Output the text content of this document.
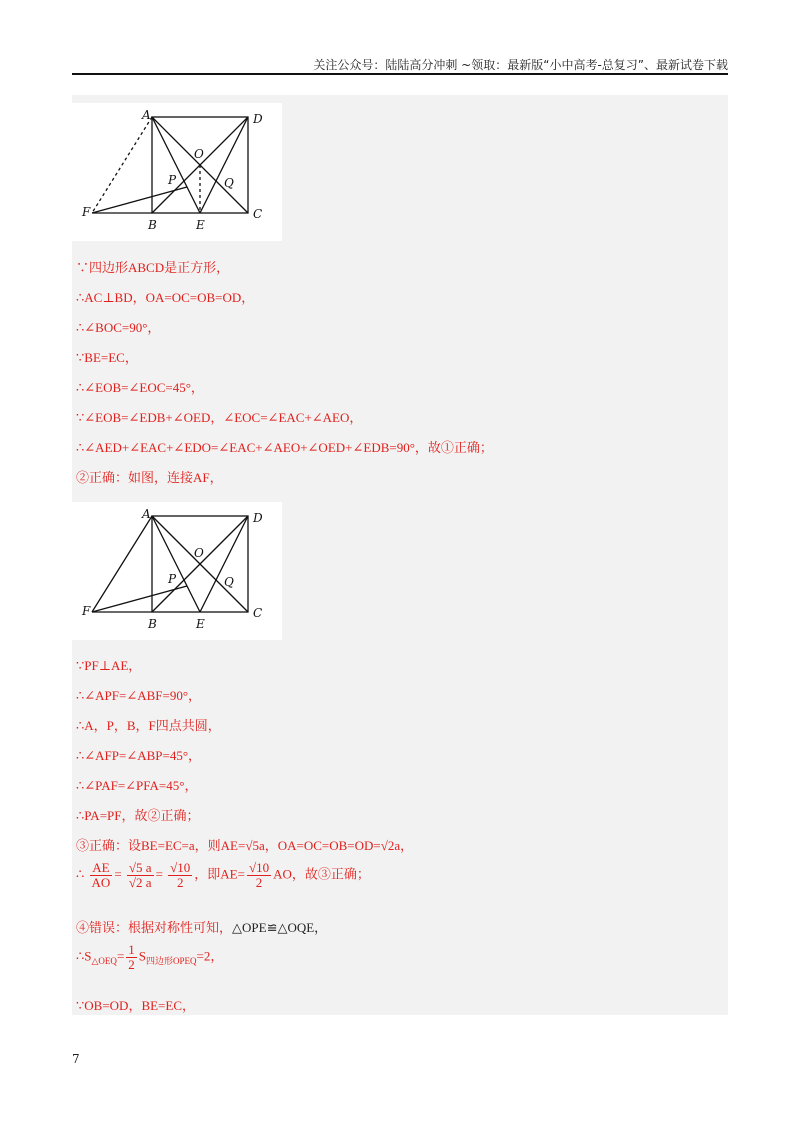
关注公众号：陆陆高分冲刺 ~领取：最新版“小中高考-总复习”、最新试卷下载
A	D
O
P	Q
F
B	E
C
∵四边形ABCD是正方形，
∴AC⊥BD，OA=OC=OB=OD，
∴∠BOC=90°，
∵BE=EC，
∴∠EOB=∠EOC=45°，
∵∠EOB=∠EDB+∠OED，∠EOC=∠EAC+∠AEO，
∴∠AED+∠EAC+∠EDO=∠EAC+∠AEO+∠OED+∠EDB=90°，故①正确；
②正确：如图，连接AF，
A	D
O
P	Q
F
B	E
C
∵PF⊥AE，
∴∠APF=∠ABF=90°，
∴A，P，B，F四点共圆，
∴∠AFP=∠ABP=45°，
∴∠PAF=∠PFA=45°，
∴PA=PF，故②正确；
③正确：设BE=EC=a，则AE=√5a，OA=OC=OB=OD=√2a，
∴ $\frac{AE}{AO} = \frac{√5 a}{√2 a} = \frac{√10}{2}$ ，即$AE= \frac{√10}{2}$ AO，故③正确；
④错误：根据对称性可知，△OPE≌△OQE，
$\therefore S_{\triangle OEQ}= \frac{1}{2} S_{四边形OPEQ}=2$，
∵OB=OD，BE=EC，
7
